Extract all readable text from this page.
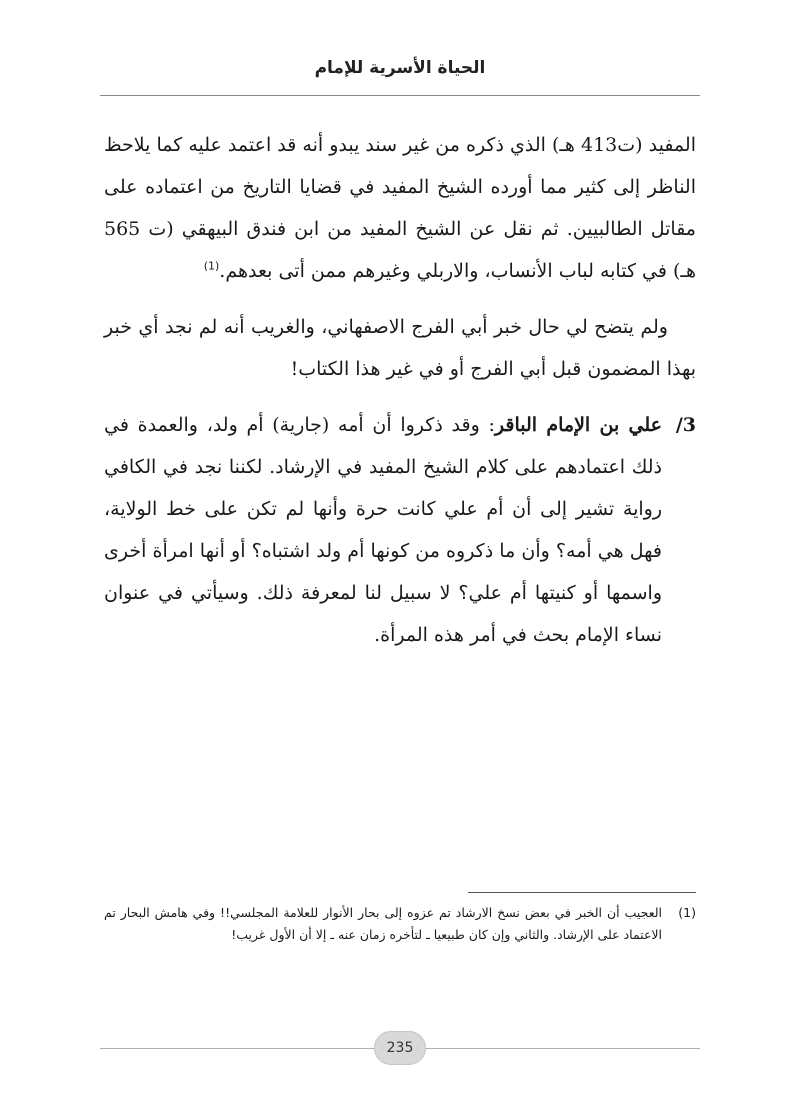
الحياة الأسرية للإمام

المفيد (ت413 هـ) الذي ذكره من غير سند يبدو أنه قد اعتمد عليه كما يلاحظ الناظر إلى كثير مما أورده الشيخ المفيد في قضايا التاريخ من اعتماده على مقاتل الطالبيين. ثم نقل عن الشيخ المفيد من ابن فندق البيهقي (ت 565 هـ) في كتابه لباب الأنساب، والاربلي وغيرهم ممن أتى بعدهم.$^{(1)}$

ولم يتضح لي حال خبر أبي الفرج الاصفهاني، والغريب أنه لم نجد أي خبر بهذا المضمون قبل أبي الفرج أو في غير هذا الكتاب!

3/
علي بن الإمام الباقر: وقد ذكروا أن أمه (جارية) أم ولد، والعمدة في ذلك اعتمادهم على كلام الشيخ المفيد في الإرشاد. لكننا نجد في الكافي رواية تشير إلى أن أم علي كانت حرة وأنها لم تكن على خط الولاية، فهل هي أمه؟ وأن ما ذكروه من كونها أم ولد اشتباه؟ أو أنها امرأة أخرى واسمها أو كنيتها أم علي؟ لا سبيل لنا لمعرفة ذلك. وسيأتي في عنوان نساء الإمام بحث في أمر هذه المرأة.

(1)
العجيب أن الخبر في بعض نسخ الارشاد تم عزوه إلى بحار الأنوار للعلامة المجلسي!! وفي هامش البحار تم الاعتماد على الإرشاد. والثاني وإن كان طبيعيا ـ لتأخره زمان عنه ـ إلا أن الأول غريب!
235
